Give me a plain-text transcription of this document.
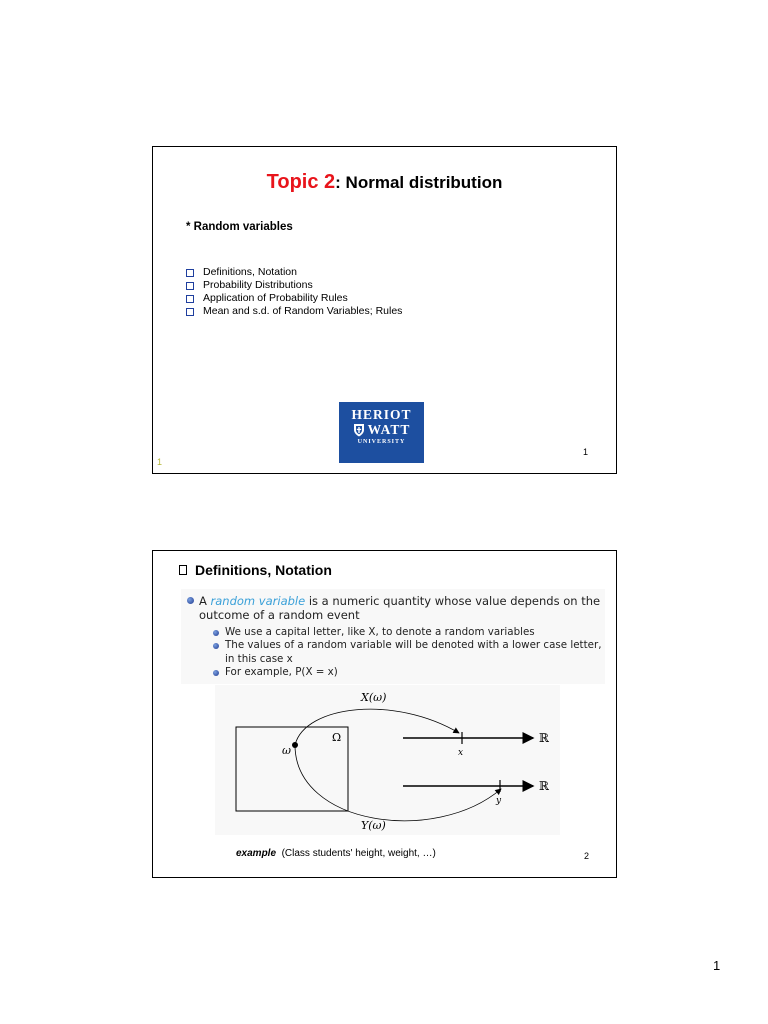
Topic 2: Normal distribution
* Random variables
Definitions, Notation
Probability Distributions
Application of Probability Rules
Mean and s.d. of Random Variables; Rules
HERIOT
WATT
UNIVERSITY
1
1
Definitions, Notation
A random variable is a numeric quantity whose value depends on the outcome of a random event
We use a capital letter, like X, to denote a random variables
The values of a random variable will be denoted with a lower case letter, in this case x
For example, P(X = x)
X(ω)
Y(ω)
ω
Ω
x
y
ℝ
ℝ
example (Class students' height, weight, …)	2
1
